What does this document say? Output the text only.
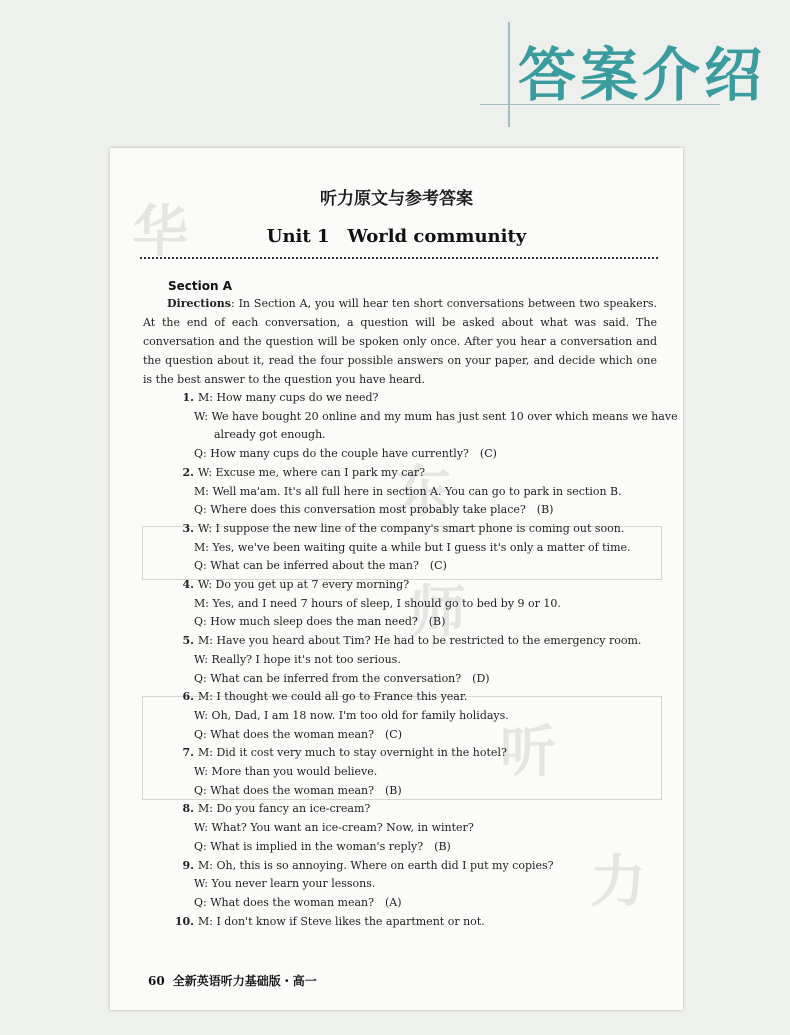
答案介绍
华
东
师
听
力
听力原文与参考答案
Unit 1　World community
Section A
Directions: In Section A, you will hear ten short conversations between two speakers. At the end of each conversation, a question will be asked about what was said. The conversation and the question will be spoken only once. After you hear a conversation and the question about it, read the four possible answers on your paper, and decide which one is the best answer to the question you have heard.
1. M: How many cups do we need?
W: We have bought 20 online and my mum has just sent 10 over which means we have
already got enough.
Q: How many cups do the couple have currently?　(C)
2. W: Excuse me, where can I park my car?
M: Well ma'am. It's all full here in section A. You can go to park in section B.
Q: Where does this conversation most probably take place?　(B)
3. W: I suppose the new line of the company's smart phone is coming out soon.
M: Yes, we've been waiting quite a while but I guess it's only a matter of time.
Q: What can be inferred about the man?　(C)
4. W: Do you get up at 7 every morning?
M: Yes, and I need 7 hours of sleep, I should go to bed by 9 or 10.
Q: How much sleep does the man need?　(B)
5. M: Have you heard about Tim? He had to be restricted to the emergency room.
W: Really? I hope it's not too serious.
Q: What can be inferred from the conversation?　(D)
6. M: I thought we could all go to France this year.
W: Oh, Dad, I am 18 now. I'm too old for family holidays.
Q: What does the woman mean?　(C)
7. M: Did it cost very much to stay overnight in the hotel?
W: More than you would believe.
Q: What does the woman mean?　(B)
8. M: Do you fancy an ice-cream?
W: What? You want an ice-cream? Now, in winter?
Q: What is implied in the woman's reply?　(B)
9. M: Oh, this is so annoying. Where on earth did I put my copies?
W: You never learn your lessons.
Q: What does the woman mean?　(A)
10. M: I don't know if Steve likes the apartment or not.
60 全新英语听力基础版・高一
